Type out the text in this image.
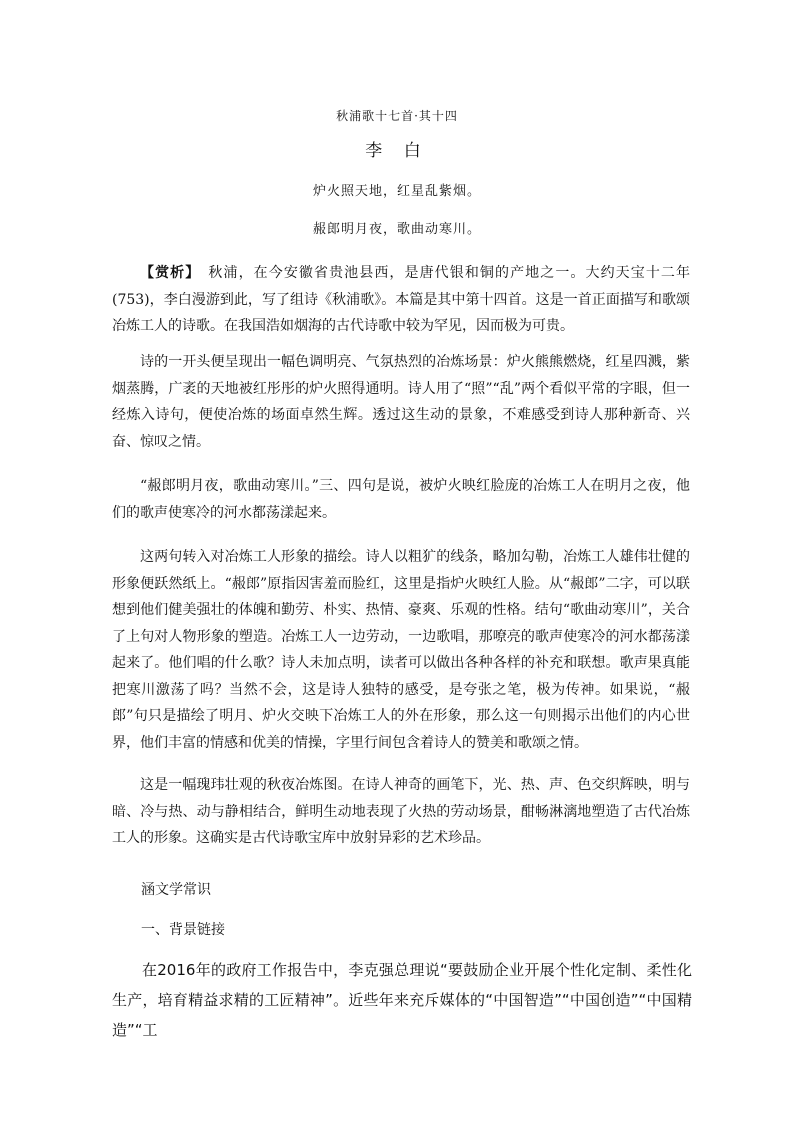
秋浦歌十七首·其十四
李 白
炉火照天地，红星乱紫烟。
赧郎明月夜，歌曲动寒川。

【赏析】　秋浦，在今安徽省贵池县西，是唐代银和铜的产地之一。大约天宝十二年(753)，李白漫游到此，写了组诗《秋浦歌》。本篇是其中第十四首。这是一首正面描写和歌颂冶炼工人的诗歌。在我国浩如烟海的古代诗歌中较为罕见，因而极为可贵。

诗的一开头便呈现出一幅色调明亮、气氛热烈的冶炼场景：炉火熊熊燃烧，红星四溅，紫烟蒸腾，广袤的天地被红彤彤的炉火照得通明。诗人用了“照”“乱”两个看似平常的字眼，但一经炼入诗句，便使冶炼的场面卓然生辉。透过这生动的景象，不难感受到诗人那种新奇、兴奋、惊叹之情。

“赧郎明月夜，歌曲动寒川。”三、四句是说，被炉火映红脸庞的冶炼工人在明月之夜，他们的歌声使寒冷的河水都荡漾起来。

这两句转入对冶炼工人形象的描绘。诗人以粗犷的线条，略加勾勒，冶炼工人雄伟壮健的形象便跃然纸上。“赧郎”原指因害羞而脸红，这里是指炉火映红人脸。从“赧郎”二字，可以联想到他们健美强壮的体魄和勤劳、朴实、热情、豪爽、乐观的性格。结句“歌曲动寒川”，关合了上句对人物形象的塑造。冶炼工人一边劳动，一边歌唱，那嘹亮的歌声使寒冷的河水都荡漾起来了。他们唱的什么歌？诗人未加点明，读者可以做出各种各样的补充和联想。歌声果真能把寒川激荡了吗？当然不会，这是诗人独特的感受，是夸张之笔，极为传神。如果说，“赧郎”句只是描绘了明月、炉火交映下冶炼工人的外在形象，那么这一句则揭示出他们的内心世界，他们丰富的情感和优美的情操，字里行间包含着诗人的赞美和歌颂之情。

这是一幅瑰玮壮观的秋夜冶炼图。在诗人神奇的画笔下，光、热、声、色交织辉映，明与暗、冷与热、动与静相结合，鲜明生动地表现了火热的劳动场景，酣畅淋漓地塑造了古代冶炼工人的形象。这确实是古代诗歌宝库中放射异彩的艺术珍品。

涵文学常识

一、背景链接

在2016年的政府工作报告中，李克强总理说“要鼓励企业开展个性化定制、柔性化生产，培育精益求精的工匠精神”。近些年来充斥媒体的“中国智造”“中国创造”“中国精造”“工
